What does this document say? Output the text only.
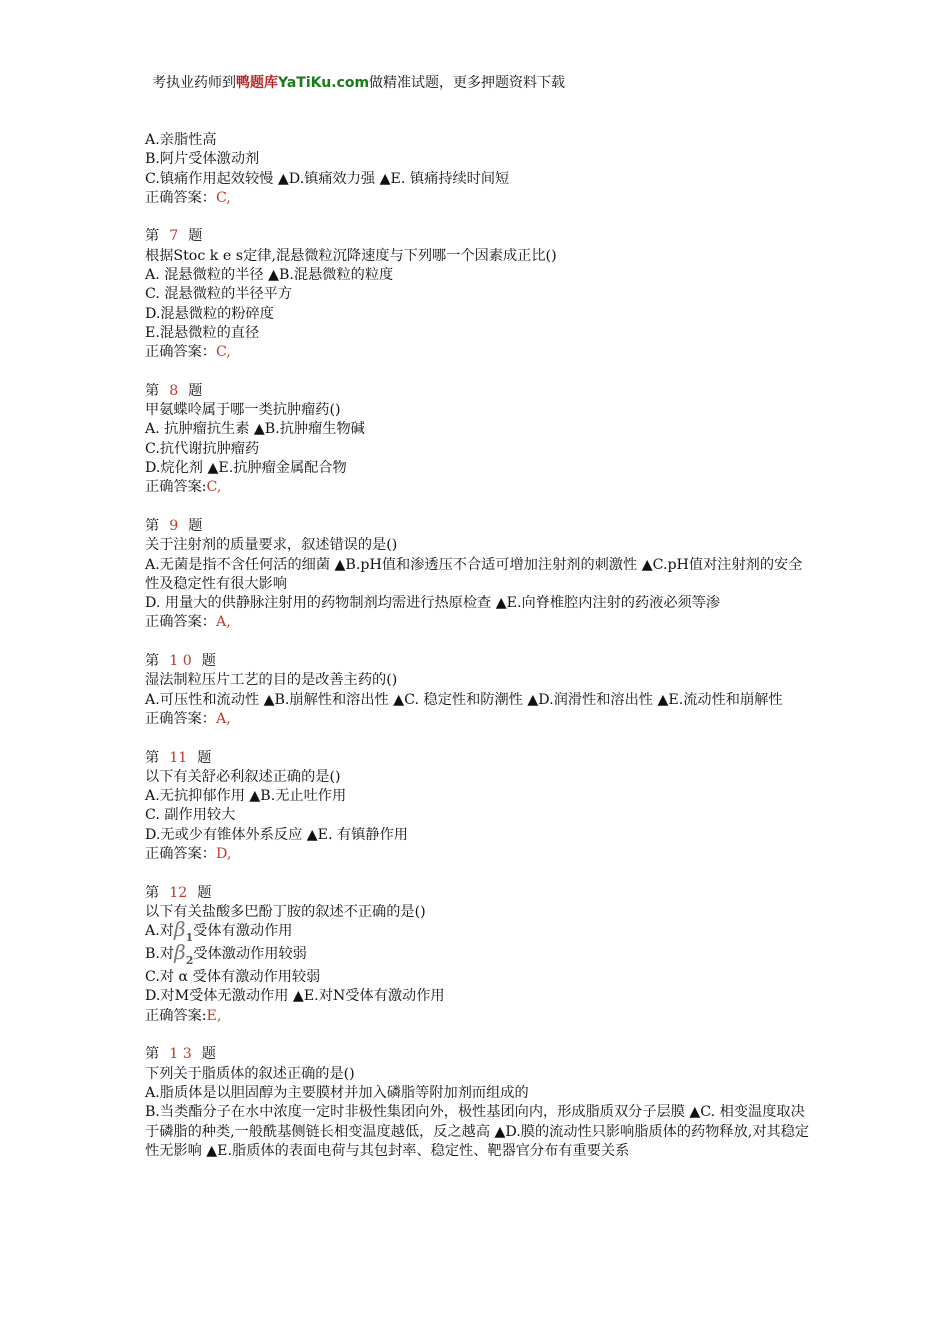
考执业药师到鸭题库YaTiKu.com做精准试题，更多押题资料下载
A.亲脂性高
B.阿片受体激动剂
C.镇痛作用起效较慢 ▲D.镇痛效力强 ▲E. 镇痛持续时间短
正确答案：C,
第 7 题
根据Stoc k e s定律,混悬微粒沉降速度与下列哪一个因素成正比()
A. 混悬微粒的半径 ▲B.混悬微粒的粒度
C. 混悬微粒的半径平方
D.混悬微粒的粉碎度
E.混悬微粒的直径
正确答案：C,
第 8 题
甲氨蝶呤属于哪一类抗肿瘤药()
A. 抗肿瘤抗生素 ▲B.抗肿瘤生物碱
C.抗代谢抗肿瘤药
D.烷化剂 ▲E.抗肿瘤金属配合物
正确答案:C,
第 9 题
关于注射剂的质量要求，叙述错误的是()
A.无菌是指不含任何活的细菌 ▲B.pH值和渗透压不合适可增加注射剂的刺激性 ▲C.pH值对注射剂的安全性及稳定性有很大影响
D. 用量大的供静脉注射用的药物制剂均需进行热原检查 ▲E.向脊椎腔内注射的药液必须等渗
正确答案：A,
第 1 0 题
湿法制粒压片工艺的目的是改善主药的()
A.可压性和流动性 ▲B.崩解性和溶出性 ▲C. 稳定性和防潮性 ▲D.润滑性和溶出性 ▲E.流动性和崩解性
正确答案：A,
第 11 题
以下有关舒必利叙述正确的是()
A.无抗抑郁作用 ▲B.无止吐作用
C. 副作用较大
D.无或少有锥体外系反应 ▲E. 有镇静作用
正确答案：D,
第 12 题
以下有关盐酸多巴酚丁胺的叙述不正确的是()
A.对$\beta_1$受体有激动作用
B.对$\beta_2$受体激动作用较弱
C.对 α 受体有激动作用较弱
D.对M受体无激动作用 ▲E.对N受体有激动作用
正确答案:E,
第 1 3 题
下列关于脂质体的叙述正确的是()
A.脂质体是以胆固醇为主要膜材并加入磷脂等附加剂而组成的
B.当类酯分子在水中浓度一定时非极性集团向外，极性基团向内，形成脂质双分子层膜 ▲C. 相变温度取决于磷脂的种类,一般酰基侧链长相变温度越低，反之越高 ▲D.膜的流动性只影响脂质体的药物释放,对其稳定性无影响 ▲E.脂质体的表面电荷与其包封率、稳定性、靶器官分布有重要关系
